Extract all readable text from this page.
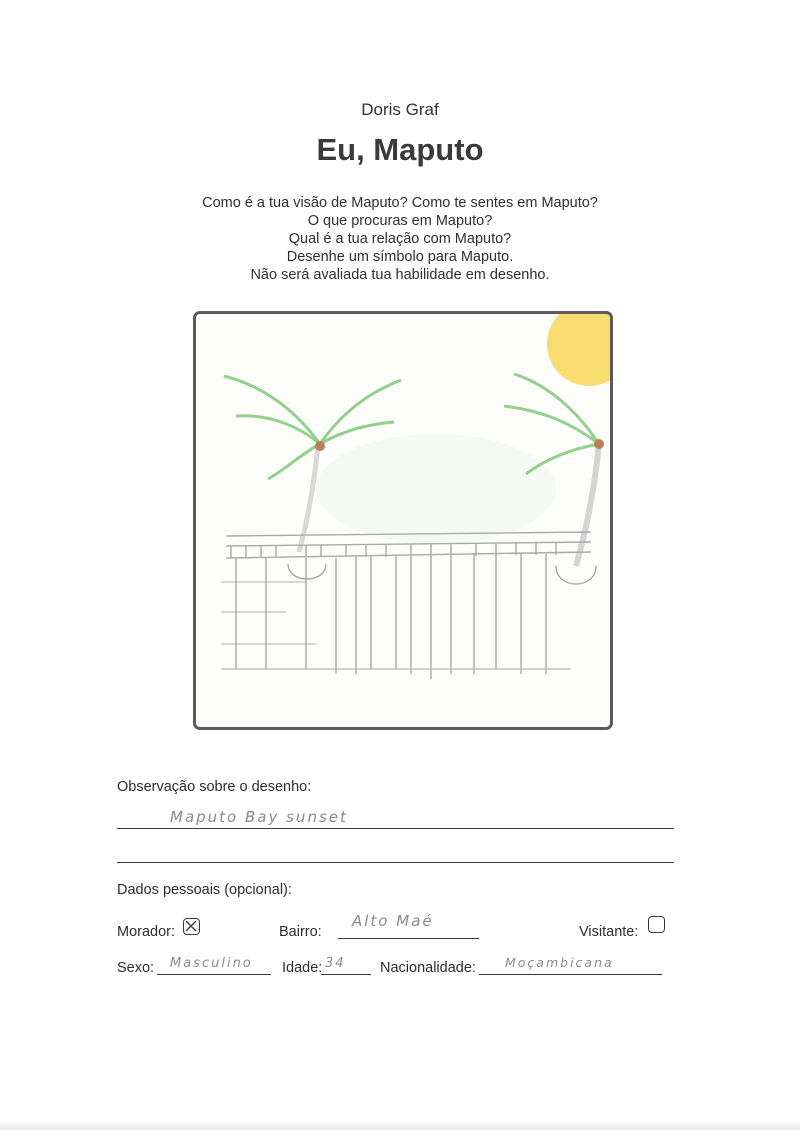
Doris Graf
Eu, Maputo
Como é a tua visão de Maputo? Como te sentes em Maputo?
O que procuras em Maputo?
Qual é a tua relação com Maputo?
Desenhe um símbolo para Maputo.
Não será avaliada tua habilidade em desenho.
Observação sobre o desenho:
Maputo Bay sunset
Dados pessoais (opcional):
Morador:	Bairro:
Alto Maé
Visitante:
Sexo: Masculino Idade: 34 Nacionalidade: Moçambicana
